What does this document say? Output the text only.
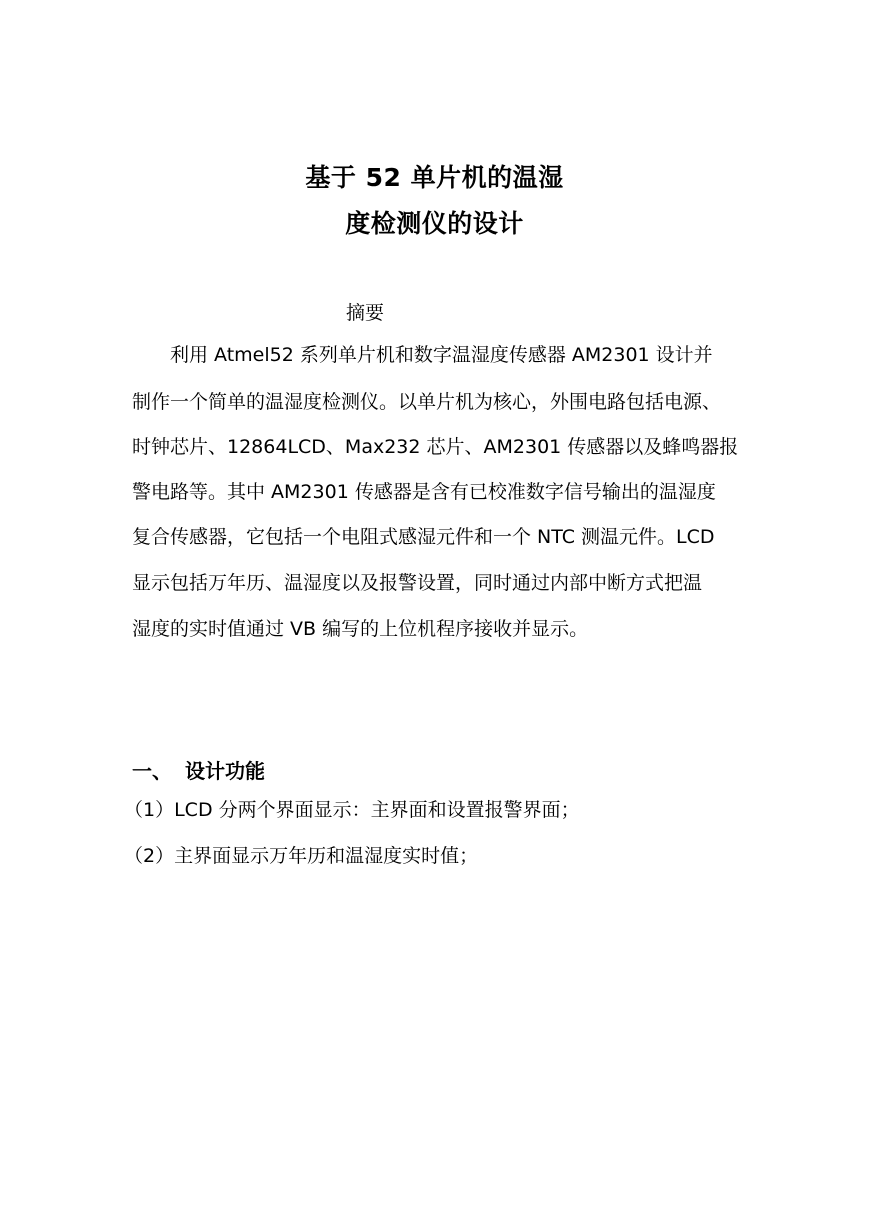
基于 52 单片机的温湿
度检测仪的设计
摘要
　　利用 Atmel52 系列单片机和数字温湿度传感器 AM2301 设计并
制作一个简单的温湿度检测仪。以单片机为核心，外围电路包括电源、
时钟芯片、12864LCD、Max232 芯片、AM2301 传感器以及蜂鸣器报
警电路等。其中 AM2301 传感器是含有已校准数字信号输出的温湿度
复合传感器，它包括一个电阻式感湿元件和一个 NTC 测温元件。LCD
显示包括万年历、温湿度以及报警设置，同时通过内部中断方式把温
湿度的实时值通过 VB 编写的上位机程序接收并显示。
一、 设计功能
（1）LCD 分两个界面显示：主界面和设置报警界面；
（2）主界面显示万年历和温湿度实时值；
